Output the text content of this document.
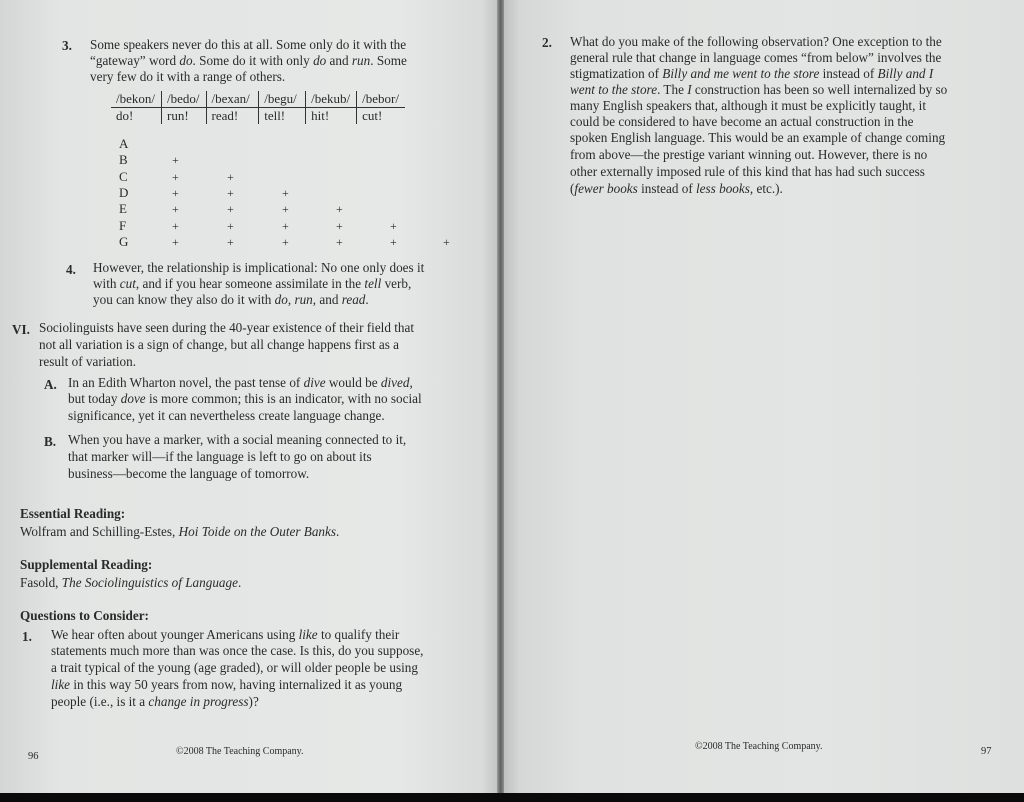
3. Some speakers never do this at all. Some only do it with the
“gateway” word do. Some do it with only do and run. Some
very few do it with a range of others.
/bekon/	/bedo/	/bexan/	/begu/	/bekub/	/bebor/
do!	run!	read!	tell!	hit!	cut!
A
B	+
C	+	+
D	+	+	+
E	+	+	+	+
F	+	+	+	+	+
G	+	+	+	+	+	+
4. However, the relationship is implicational: No one only does it
with cut, and if you hear someone assimilate in the tell verb,
you can know they also do it with do, run, and read.
VI. Sociolinguists have seen during the 40-year existence of their field that
not all variation is a sign of change, but all change happens first as a
result of variation.
A. In an Edith Wharton novel, the past tense of dive would be dived,
but today dove is more common; this is an indicator, with no social
significance, yet it can nevertheless create language change.
B. When you have a marker, with a social meaning connected to it,
that marker will—if the language is left to go on about its
business—become the language of tomorrow.
Essential Reading:
Wolfram and Schilling-Estes, Hoi Toide on the Outer Banks.
Supplemental Reading:
Fasold, The Sociolinguistics of Language.
Questions to Consider:
1. We hear often about younger Americans using like to qualify their
statements much more than was once the case. Is this, do you suppose,
a trait typical of the young (age graded), or will older people be using
like in this way 50 years from now, having internalized it as young
people (i.e., is it a change in progress)?
96	©2008 The Teaching Company.
2. What do you make of the following observation? One exception to the
general rule that change in language comes “from below” involves the
stigmatization of Billy and me went to the store instead of Billy and I
went to the store. The I construction has been so well internalized by so
many English speakers that, although it must be explicitly taught, it
could be considered to have become an actual construction in the
spoken English language. This would be an example of change coming
from above—the prestige variant winning out. However, there is no
other externally imposed rule of this kind that has had such success
(fewer books instead of less books, etc.).
©2008 The Teaching Company.	97
